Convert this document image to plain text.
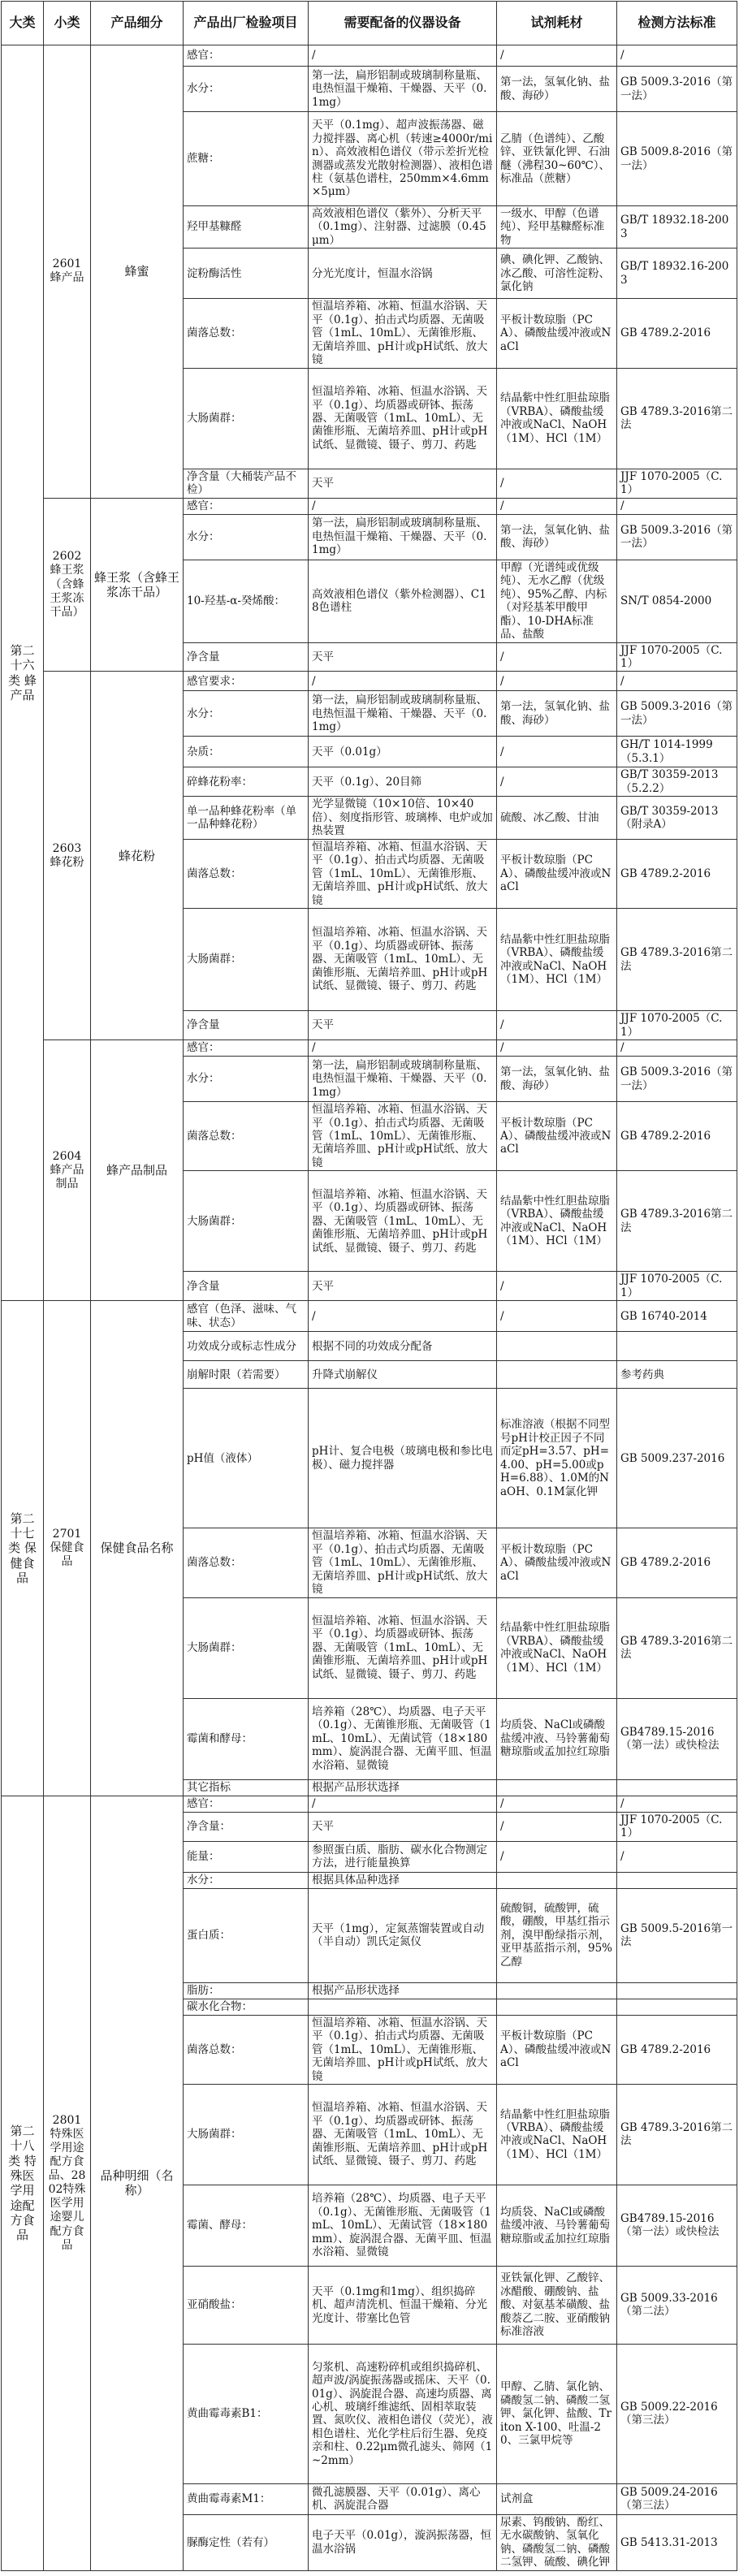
大类	小类	产品细分	产品出厂检验项目	需要配备的仪器设备	试剂耗材	检测方法标准
第二十六类 蜂产品	2601蜂产品	蜂蜜	感官：	/	/	/
			水分：	第一法，扁形铝制或玻璃制称量瓶、电热恒温干燥箱、干燥器、天平（0.1mg）	第一法，氢氧化钠、盐酸、海砂）	GB 5009.3-2016（第一法）
			蔗糖：	天平（0.1mg）、超声波振荡器、磁力搅拌器、离心机（转速≥4000r/min）、高效液相色谱仪（带示差折光检测器或蒸发光散射检测器）、液相色谱柱（氨基色谱柱，250mm×4.6mm×5μm）	乙腈（色谱纯）、乙酸锌、亚铁氰化钾、石油醚（沸程30~60℃）、标准品（蔗糖）	GB 5009.8-2016（第一法）
			羟甲基糠醛	高效液相色谱仪（紫外）、分析天平（0.1mg）、注射器、过滤膜（0.45μm）	一级水、甲醇（色谱纯）、羟甲基糠醛标准物	GB/T 18932.18-2003
			淀粉酶活性	分光光度计，恒温水浴锅	碘、碘化钾、乙酸钠、冰乙酸、可溶性淀粉、氯化钠	GB/T 18932.16-2003
			菌落总数：	恒温培养箱、冰箱、恒温水浴锅、天平（0.1g）、拍击式均质器、无菌吸管（1mL、10mL）、无菌锥形瓶、无菌培养皿、pH计或pH试纸、放大镜	平板计数琼脂（PCA）、磷酸盐缓冲液或NaCl	GB 4789.2-2016
			大肠菌群：	恒温培养箱、冰箱、恒温水浴锅、天平（0.1g）、均质器或研钵、振荡器、无菌吸管（1mL、10mL）、无菌锥形瓶、无菌培养皿、pH计或pH试纸、显微镜、镊子、剪刀、药匙	结晶紫中性红胆盐琼脂（VRBA）、磷酸盐缓冲液或NaCl、NaOH（1M）、HCl（1M）	GB 4789.3-2016第二法
			净含量（大桶装产品不检）	天平	/	JJF 1070-2005（C.1）
	2602蜂王浆（含蜂王浆冻干品）	蜂王浆（含蜂王浆冻干品）	感官：	/	/	/
			水分：	第一法，扁形铝制或玻璃制称量瓶、电热恒温干燥箱、干燥器、天平（0.1mg）	第一法，氢氧化钠、盐酸、海砂）	GB 5009.3-2016（第一法）
			10-羟基-α-癸烯酸：	高效液相色谱仪（紫外检测器）、C18色谱柱	甲醇（光谱纯或优级纯）、无水乙醇（优级纯）、95%乙醇、内标（对羟基苯甲酸甲酯）、10-DHA标准品、盐酸	SN/T 0854-2000
			净含量	天平	/	JJF 1070-2005（C.1）
	2603蜂花粉	蜂花粉	感官要求：	/	/	/
			水分：	第一法，扁形铝制或玻璃制称量瓶、电热恒温干燥箱、干燥器、天平（0.1mg）	第一法，氢氧化钠、盐酸、海砂）	GB 5009.3-2016（第一法）
			杂质：	天平（0.01g）	/	GH/T 1014-1999（5.3.1）
			碎蜂花粉率：	天平（0.1g）、20目筛	/	GB/T 30359-2013（5.2.2）
			单一品种蜂花粉率（单一品种蜂花粉）	光学显微镜（10×10倍、10×40倍）、刻度指形管、玻璃棒、电炉或加热装置	硫酸、冰乙酸、甘油	GB/T 30359-2013（附录A）
			菌落总数：	恒温培养箱、冰箱、恒温水浴锅、天平（0.1g）、拍击式均质器、无菌吸管（1mL、10mL）、无菌锥形瓶、无菌培养皿、pH计或pH试纸、放大镜	平板计数琼脂（PCA）、磷酸盐缓冲液或NaCl	GB 4789.2-2016
			大肠菌群：	恒温培养箱、冰箱、恒温水浴锅、天平（0.1g）、均质器或研钵、振荡器、无菌吸管（1mL、10mL）、无菌锥形瓶、无菌培养皿、pH计或pH试纸、显微镜、镊子、剪刀、药匙	结晶紫中性红胆盐琼脂（VRBA）、磷酸盐缓冲液或NaCl、NaOH（1M）、HCl（1M）	GB 4789.3-2016第二法
			净含量	天平	/	JJF 1070-2005（C.1）
	2604蜂产品制品	蜂产品制品	感官：	/	/	/
			水分：	第一法，扁形铝制或玻璃制称量瓶、电热恒温干燥箱、干燥器、天平（0.1mg）	第一法，氢氧化钠、盐酸、海砂）	GB 5009.3-2016（第一法）
			菌落总数：	恒温培养箱、冰箱、恒温水浴锅、天平（0.1g）、拍击式均质器、无菌吸管（1mL、10mL）、无菌锥形瓶、无菌培养皿、pH计或pH试纸、放大镜	平板计数琼脂（PCA）、磷酸盐缓冲液或NaCl	GB 4789.2-2016
			大肠菌群：	恒温培养箱、冰箱、恒温水浴锅、天平（0.1g）、均质器或研钵、振荡器、无菌吸管（1mL、10mL）、无菌锥形瓶、无菌培养皿、pH计或pH试纸、显微镜、镊子、剪刀、药匙	结晶紫中性红胆盐琼脂（VRBA）、磷酸盐缓冲液或NaCl、NaOH（1M）、HCl（1M）	GB 4789.3-2016第二法
			净含量	天平	/	JJF 1070-2005（C.1）
第二十七类 保健食品	2701保健食品	保健食品名称	感官（色泽、滋味、气味、状态）	/	/	GB 16740-2014
			功效成分或标志性成分	根据不同的功效成分配备		
			崩解时限（若需要）	升降式崩解仪		参考药典
			pH值（液体）	pH计、复合电极（玻璃电极和参比电极）、磁力搅拌器	标准溶液（根据不同型号pH计校正因子不同而定pH=3.57、pH=4.00、pH=5.00或pH=6.88）、1.0M的NaOH、0.1M氯化钾	GB 5009.237-2016
			菌落总数：	恒温培养箱、冰箱、恒温水浴锅、天平（0.1g）、拍击式均质器、无菌吸管（1mL、10mL）、无菌锥形瓶、无菌培养皿、pH计或pH试纸、放大镜	平板计数琼脂（PCA）、磷酸盐缓冲液或NaCl	GB 4789.2-2016
			大肠菌群：	恒温培养箱、冰箱、恒温水浴锅、天平（0.1g）、均质器或研钵、振荡器、无菌吸管（1mL、10mL）、无菌锥形瓶、无菌培养皿、pH计或pH试纸、显微镜、镊子、剪刀、药匙	结晶紫中性红胆盐琼脂（VRBA）、磷酸盐缓冲液或NaCl、NaOH（1M）、HCl（1M）	GB 4789.3-2016第二法
			霉菌和酵母：	培养箱（28℃）、均质器、电子天平（0.1g）、无菌锥形瓶、无菌吸管（1mL、10mL）、无菌试管（18×180mm）、旋涡混合器、无菌平皿、恒温水浴箱、显微镜	均质袋、NaCl或磷酸盐缓冲液、马铃薯葡萄糖琼脂或孟加拉红琼脂	GB4789.15-2016（第一法）或快检法
			其它指标	根据产品形状选择		
第二十八类 特殊医学用途配方食品	2801特殊医学用途配方食品、2802特殊医学用途婴儿配方食品	品种明细（名称）	感官：	/	/	/
			净含量：	天平	/	JJF 1070-2005（C.1）
			能量：	参照蛋白质、脂肪、碳水化合物测定方法，进行能量换算	/	/
			水分：	根据具体品种选择		
			蛋白质：	天平（1mg），定氮蒸馏装置或自动（半自动）凯氏定氮仪	硫酸铜，硫酸钾，硫酸，硼酸，甲基红指示剂，溴甲酚绿指示剂，亚甲基蓝指示剂，95%乙醇	GB 5009.5-2016第一法
			脂肪：	根据产品形状选择		
			碳水化合物：			
			菌落总数：	恒温培养箱、冰箱、恒温水浴锅、天平（0.1g）、拍击式均质器、无菌吸管（1mL、10mL）、无菌锥形瓶、无菌培养皿、pH计或pH试纸、放大镜	平板计数琼脂（PCA）、磷酸盐缓冲液或NaCl	GB 4789.2-2016
			大肠菌群：	恒温培养箱、冰箱、恒温水浴锅、天平（0.1g）、均质器或研钵、振荡器、无菌吸管（1mL、10mL）、无菌锥形瓶、无菌培养皿、pH计或pH试纸、显微镜、镊子、剪刀、药匙	结晶紫中性红胆盐琼脂（VRBA）、磷酸盐缓冲液或NaCl、NaOH（1M）、HCl（1M）	GB 4789.3-2016第二法
			霉菌、酵母：	培养箱（28℃）、均质器、电子天平（0.1g）、无菌锥形瓶、无菌吸管（1mL、10mL）、无菌试管（18×180mm）、旋涡混合器、无菌平皿、恒温水浴箱、显微镜	均质袋、NaCl或磷酸盐缓冲液、马铃薯葡萄糖琼脂或孟加拉红琼脂	GB4789.15-2016（第一法）或快检法
			亚硝酸盐：	天平（0.1mg和1mg）、组织捣碎机、超声清洗机、恒温干燥箱、分光光度计、带塞比色管	亚铁氰化钾、乙酸锌、冰醋酸、硼酸钠、盐酸、对氨基苯磺酸、盐酸萘乙二胺、亚硝酸钠标准溶液	GB 5009.33-2016（第二法）
			黄曲霉毒素B1：	匀浆机、高速粉碎机或组织捣碎机、超声波/涡旋振荡器或摇床、天平（0.01g）、涡旋混合器、高速均质器、离心机、玻璃纤维滤纸、固相萃取装置、氮吹仪、液相色谱仪（荧光），液相色谱柱、光化学柱后衍生器、免疫亲和柱、0.22μm微孔滤头、筛网（1~2mm）	甲醇、乙腈、氯化钠、磷酸氢二钠、磷酸二氢钾、氯化钾、盐酸、Triton X-100、吐温-20、三氯甲烷等	GB 5009.22-2016（第三法）
			黄曲霉毒素M1：	微孔滤膜器、天平（0.01g）、离心机、涡旋混合器	试剂盒	GB 5009.24-2016（第三法）
			脲酶定性（若有）	电子天平（0.01g），漩涡振荡器，恒温水浴锅	尿素、钨酸钠、酚红、无水碳酸钠、氢氧化钠、磷酸氢二钠、磷酸二氢钾、硫酸、碘化钾	GB 5413.31-2013
